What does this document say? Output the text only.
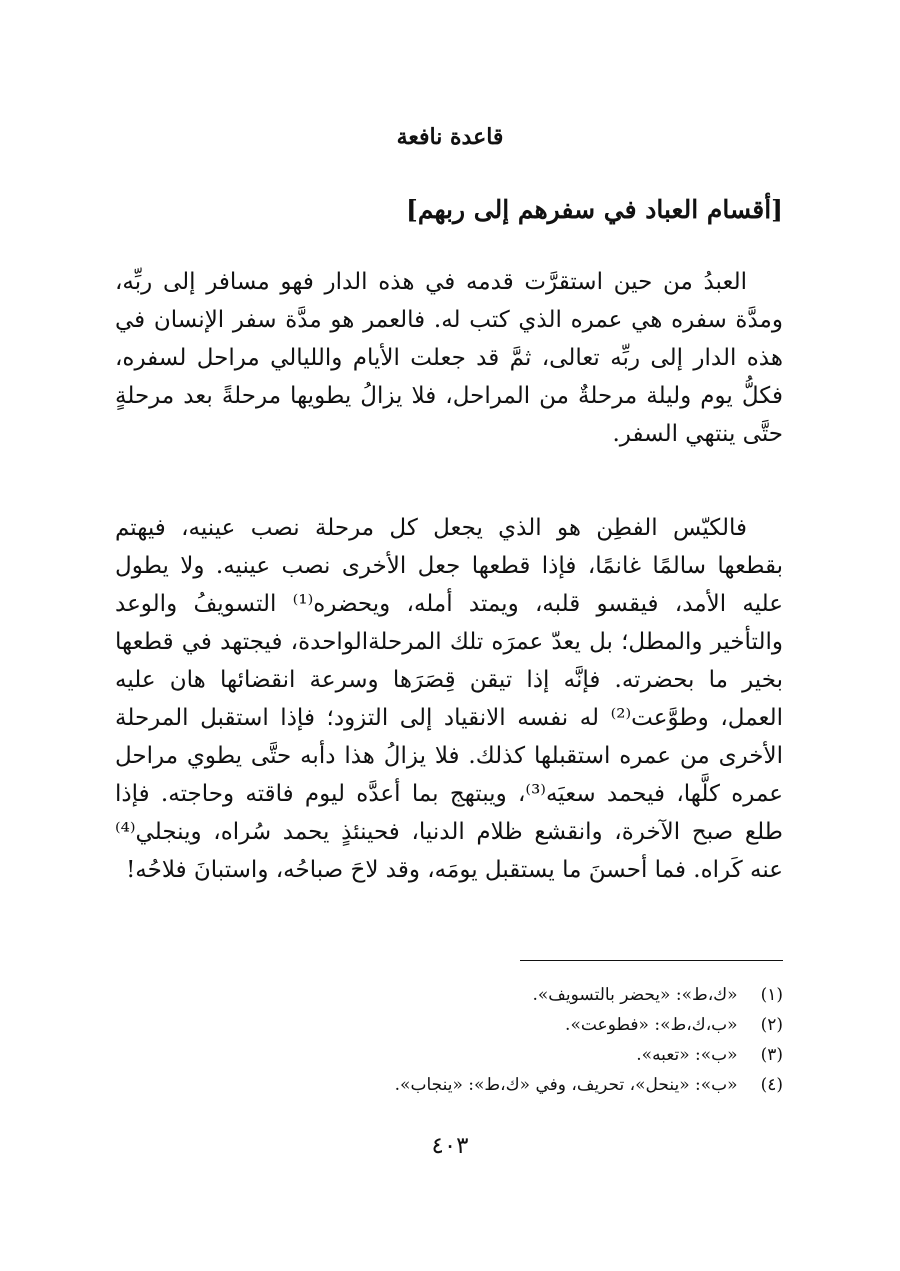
قاعدة نافعة
[أقسام العباد في سفرهم إلى ربهم]

العبدُ من حين استقرَّت قدمه في هذه الدار فهو مسافر إلى ربِّه، ومدَّة سفره هي عمره الذي كتب له. فالعمر هو مدَّة سفر الإنسان في هذه الدار إلى ربِّه تعالى، ثمَّ قد جعلت الأيام والليالي مراحل لسفره، فكلُّ يوم وليلة مرحلةٌ من المراحل، فلا يزالُ يطويها مرحلةً بعد مرحلةٍ حتَّى ينتهي السفر.

فالكيّس الفطِن هو الذي يجعل كل مرحلة نصب عينيه، فيهتم بقطعها سالمًا غانمًا، فإذا قطعها جعل الأخرى نصب عينيه. ولا يطول عليه الأمد، فيقسو قلبه، ويمتد أمله، ويحضره⁽¹⁾ التسويفُ والوعد والتأخير والمطل؛ بل يعدّ عمرَه تلك المرحلةالواحدة، فيجتهد في قطعها بخير ما بحضرته. فإنَّه إذا تيقن قِصَرَها وسرعة انقضائها هان عليه العمل، وطوَّعت⁽²⁾ له نفسه الانقياد إلى التزود؛ فإذا استقبل المرحلة الأخرى من عمره استقبلها كذلك. فلا يزالُ هذا دأبه حتَّى يطوي مراحل عمره كلَّها، فيحمد سعيَه⁽³⁾، ويبتهج بما أعدَّه ليوم فاقته وحاجته. فإذا طلع صبح الآخرة، وانقشع ظلام الدنيا، فحينئذٍ يحمد سُراه، وينجلي⁽⁴⁾ عنه كَراه. فما أحسنَ ما يستقبل يومَه، وقد لاحَ صباحُه، واستبانَ فلاحُه!

(١) «ك،ط»: «يحضر بالتسويف».
(٢) «ب،ك،ط»: «فطوعت».
(٣) «ب»: «تعبه».
(٤) «ب»: «ينحل»، تحريف، وفي «ك،ط»: «ينجاب».
٤٠٣
